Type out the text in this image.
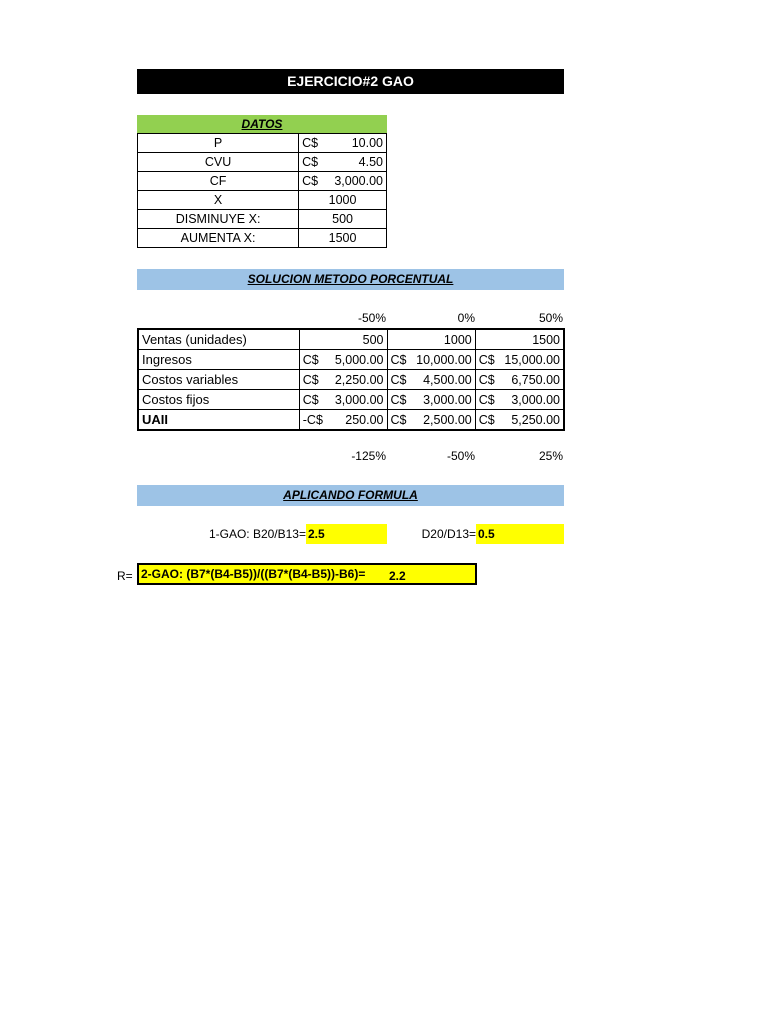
EJERCICIO#2 GAO
DATOS
P	C$ 10.00

CVU	C$ 4.50

CF	C$ 3,000.00

X	1000
DISMINUYE X:	500
AUMENTA X:	1500
SOLUCION METODO PORCENTUAL
-50%	0%	50%
Ventas (unidades)	500	1000	1500
Ingresos	C$ 5,000.00	C$ 10,000.00	C$ 15,000.00

Costos variables	C$ 2,250.00	C$ 4,500.00	C$ 6,750.00

Costos fijos	C$ 3,000.00	C$ 3,000.00	C$ 3,000.00

UAII	-C$ 250.00	C$ 2,500.00	C$ 5,250.00
-125%	-50%	25%
APLICANDO FORMULA
1-GAO: B20/B13= 2.5	D20/D13= 0.5
R= 2-GAO: (B7*(B4-B5))/((B7*(B4-B5))-B6)= 2.2
